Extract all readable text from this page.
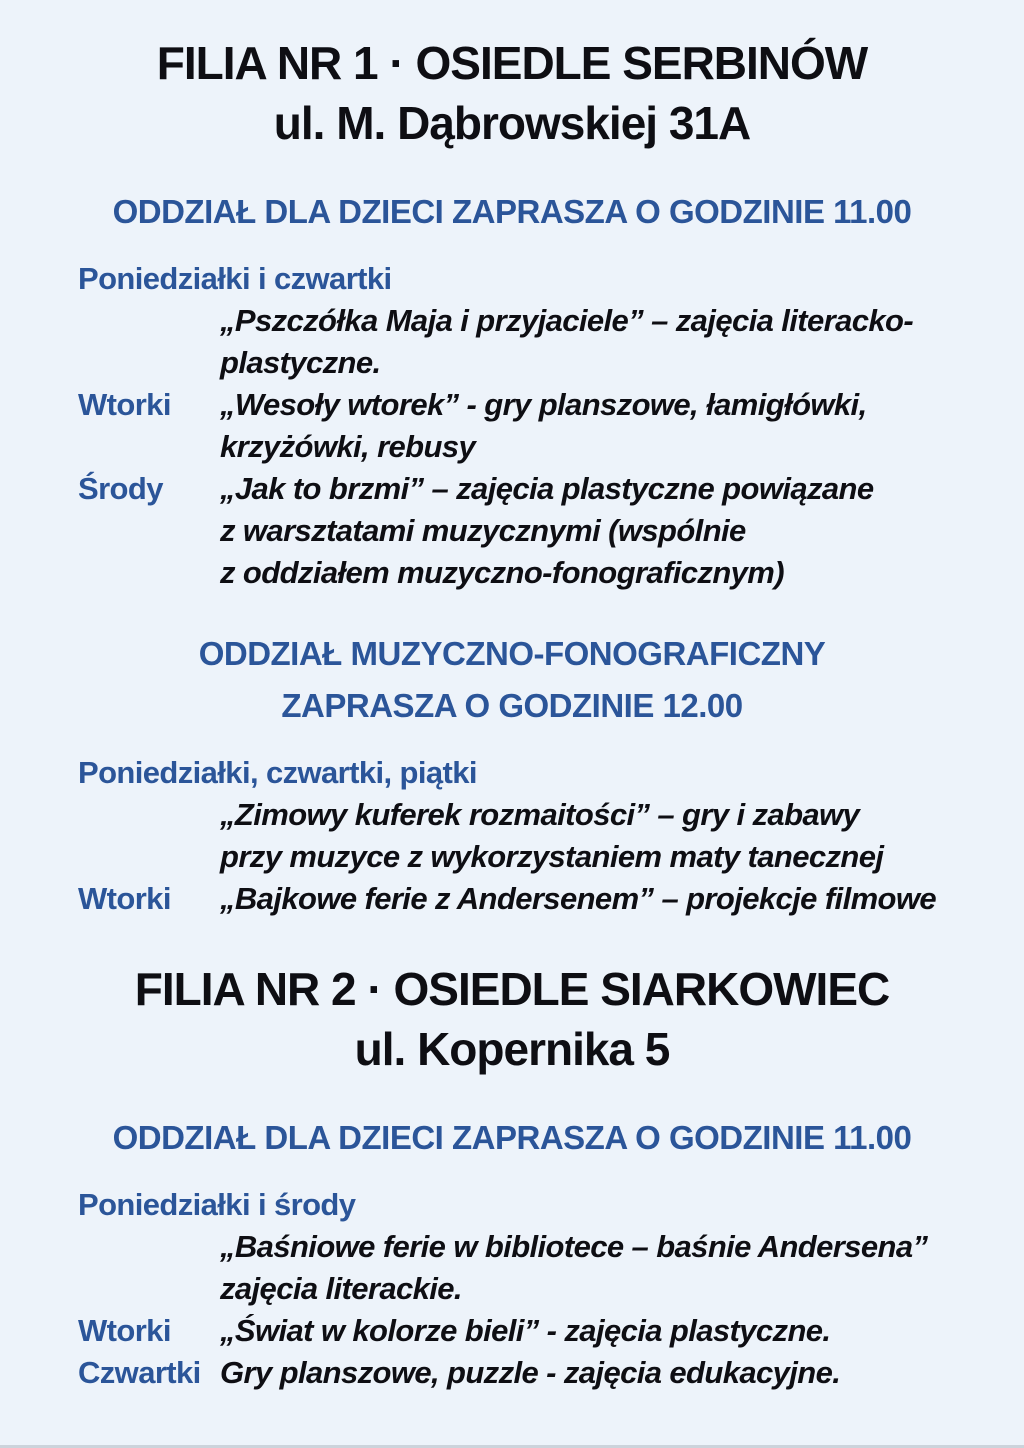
FILIA NR 1 · OSIEDLE SERBINÓW
ul. M. Dąbrowskiej 31A
ODDZIAŁ DLA DZIECI ZAPRASZA O GODZINIE 11.00
Poniedziałki i czwartki
„Pszczółka Maja i przyjaciele” – zajęcia literacko-
plastyczne.
Wtorki	„Wesoły wtorek” - gry planszowe, łamigłówki,
krzyżówki, rebusy
Środy	„Jak to brzmi” – zajęcia plastyczne powiązane
z warsztatami muzycznymi (wspólnie
z oddziałem muzyczno-fonograficznym)
ODDZIAŁ MUZYCZNO-FONOGRAFICZNY
ZAPRASZA O GODZINIE 12.00
Poniedziałki, czwartki, piątki
„Zimowy kuferek rozmaitości” – gry i zabawy
przy muzyce z wykorzystaniem maty tanecznej
Wtorki	„Bajkowe ferie z Andersenem” – projekcje filmowe
FILIA NR 2 · OSIEDLE SIARKOWIEC
ul. Kopernika 5
ODDZIAŁ DLA DZIECI ZAPRASZA O GODZINIE 11.00
Poniedziałki i środy
„Baśniowe ferie w bibliotece – baśnie Andersena”
zajęcia literackie.
Wtorki	„Świat w kolorze bieli” - zajęcia plastyczne.
Czwartki Gry planszowe, puzzle - zajęcia edukacyjne.
